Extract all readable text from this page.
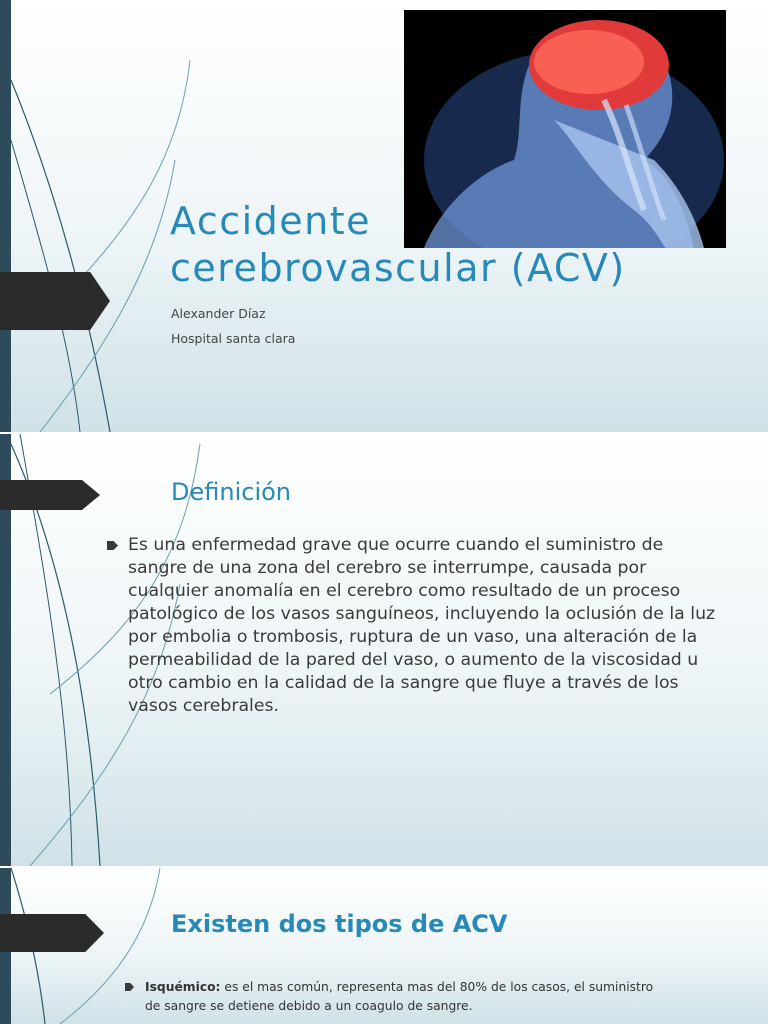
Accidente
cerebrovascular (ACV)
Alexander Díaz
Hospital santa clara
Definición

Es una enfermedad grave que ocurre cuando el suministro de sangre de una zona del cerebro se interrumpe, causada por cualquier anomalía en el cerebro como resultado de un proceso patológico de los vasos sanguíneos, incluyendo la oclusión de la luz por embolia o trombosis, ruptura de un vaso, una alteración de la permeabilidad de la pared del vaso, o aumento de la viscosidad u otro cambio en la calidad de la sangre que fluye a través de los vasos cerebrales.

Existen dos tipos de ACV

Isquémico: es el mas común, representa mas del 80% de los casos, el suministro de sangre se detiene debido a un coagulo de sangre.
